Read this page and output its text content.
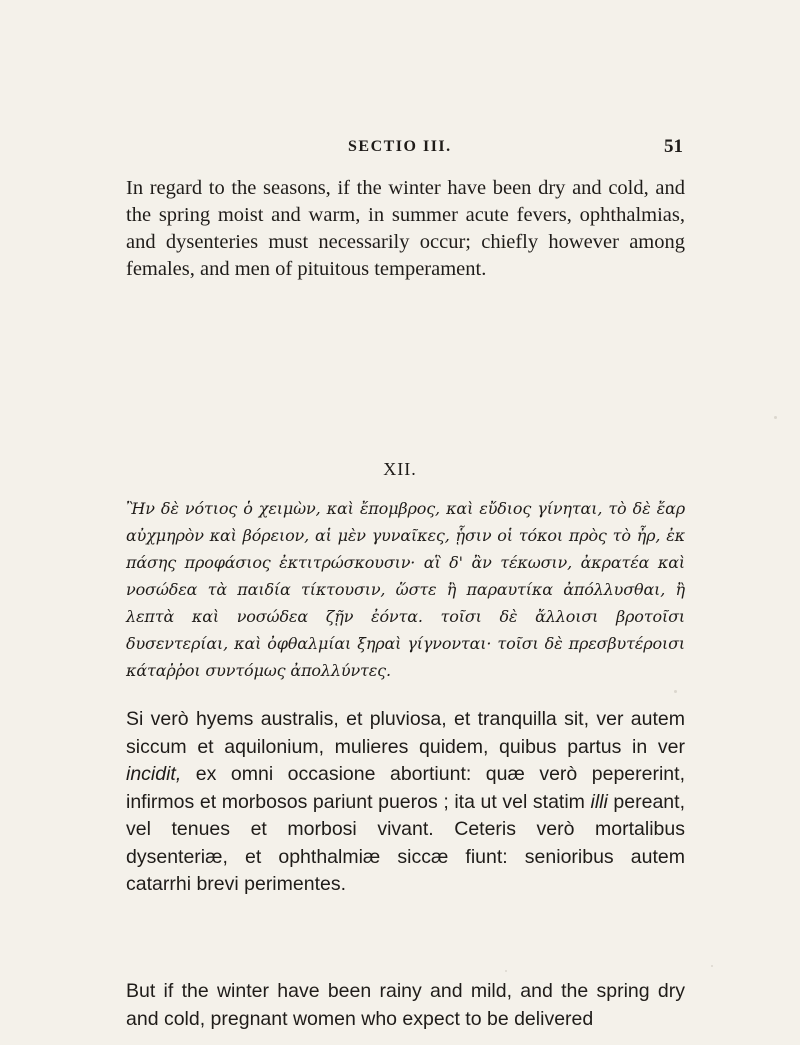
SECTIO III.	51

In regard to the seasons, if the winter have been dry and cold, and the spring moist and warm, in summer acute fevers, ophthalmias, and dysenteries must necessarily occur; chiefly however among females, and men of pituitous temperament.

XII.

Ἢν δὲ νότιος ὁ χειμὼν, καὶ ἔπομβρος, καὶ εὔδιος γίνηται, τὸ δὲ ἔαρ αὐχμηρὸν καὶ βόρειον, αἱ μὲν γυναῖκες, ᾗσιν οἱ τόκοι πρὸς τὸ ἦρ, ἐκ πάσης προφάσιος ἐκτιτρώσκουσιν· αἳ δ' ἂν τέκωσιν, ἀκρατέα καὶ νοσώδεα τὰ παιδία τίκτουσιν, ὥστε ἢ παραυτίκα ἀπόλλυσθαι, ἢ λεπτὰ καὶ νοσώδεα ζῇν ἐόντα. τοῖσι δὲ ἄλλοισι βροτοῖσι δυσεντερίαι, καὶ ὀφθαλμίαι ξηραὶ γίγνονται· τοῖσι δὲ πρεσβυτέροισι κάταῤῥοι συντόμως ἀπολλύντες.

Si verò hyems australis, et pluviosa, et tranquilla sit, ver autem siccum et aquilonium, mulieres quidem, quibus partus in ver incidit, ex omni occasione abortiunt: quæ verò pepererint, infirmos et morbosos pariunt pueros ; ita ut vel statim illi pereant, vel tenues et morbosi vivant. Ceteris verò mortalibus dysenteriæ, et ophthalmiæ siccæ fiunt: senioribus autem catarrhi brevi perimentes.

But if the winter have been rainy and mild, and the spring dry and cold, pregnant women who expect to be delivered
